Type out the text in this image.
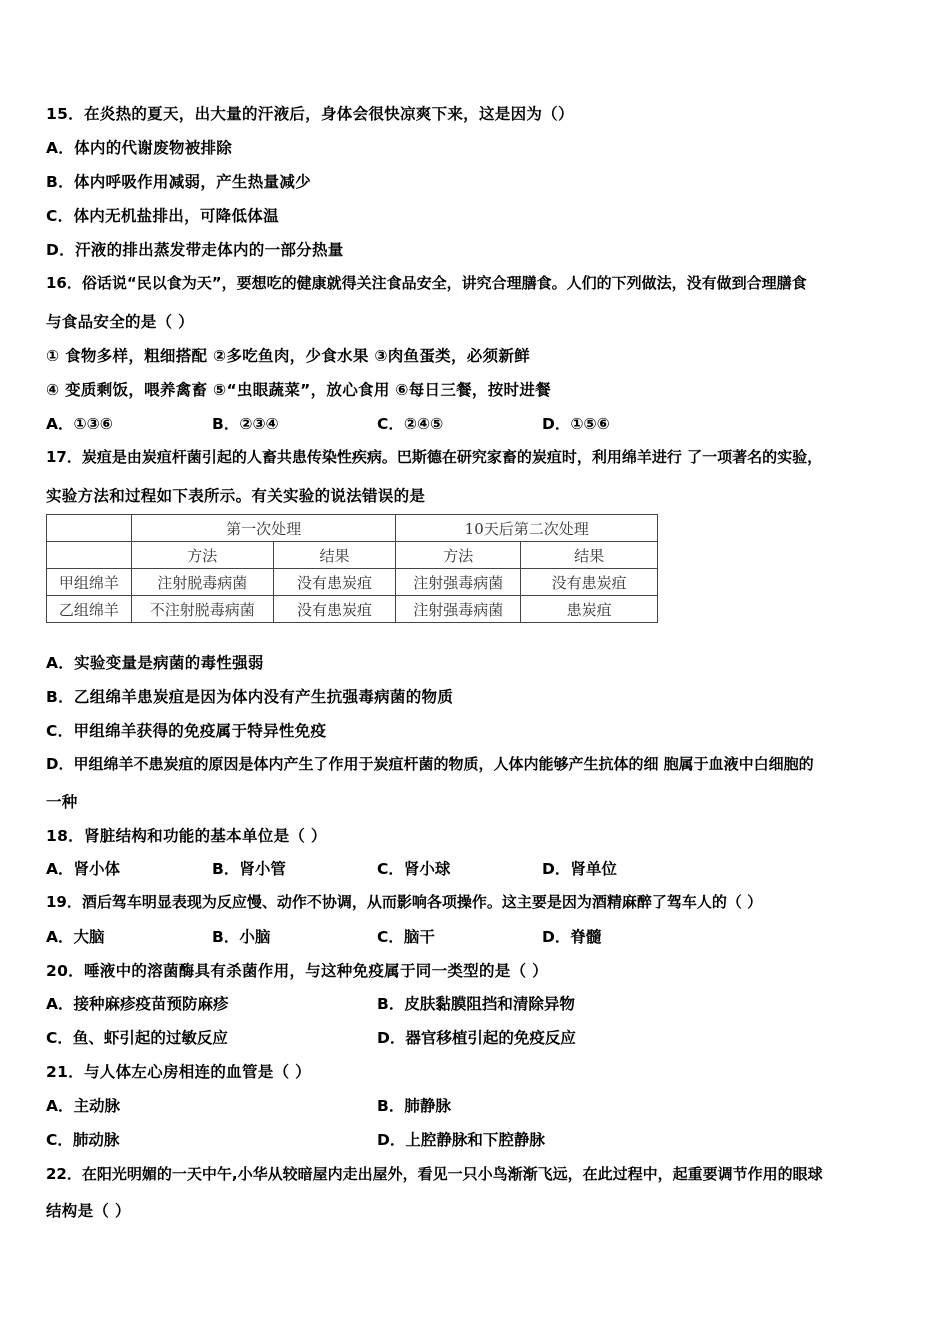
15．在炎热的夏天，出大量的汗液后，身体会很快凉爽下来，这是因为（）
A．体内的代谢废物被排除
B．体内呼吸作用减弱，产生热量减少
C．体内无机盐排出，可降低体温
D．汗液的排出蒸发带走体内的一部分热量
16．俗话说“民以食为天”，要想吃的健康就得关注食品安全，讲究合理膳食。人们的下列做法，没有做到合理膳食
与食品安全的是（ ）
① 食物多样，粗细搭配 ②多吃鱼肉，少食水果 ③肉鱼蛋类，必须新鲜
④ 变质剩饭，喂养禽畜 ⑤“虫眼蔬菜”，放心食用 ⑥每日三餐，按时进餐
A．①③⑥	B．②③④	C．②④⑤	D．①⑤⑥
17．炭疽是由炭疽杆菌引起的人畜共患传染性疾病。巴斯德在研究家畜的炭疽时，利用绵羊进行 了一项著名的实验，
实验方法和过程如下表所示。有关实验的说法错误的是
	第一次处理		10天后第二次处理	
	方法	结果	方法	结果
甲组绵羊	注射脱毒病菌	没有患炭疽	注射强毒病菌	没有患炭疽
乙组绵羊	不注射脱毒病菌	没有患炭疽	注射强毒病菌	患炭疽
A．实验变量是病菌的毒性强弱
B．乙组绵羊患炭疽是因为体内没有产生抗强毒病菌的物质
C．甲组绵羊获得的免疫属于特异性免疫
D．甲组绵羊不患炭疽的原因是体内产生了作用于炭疽杆菌的物质，人体内能够产生抗体的细 胞属于血液中白细胞的
一种
18．肾脏结构和功能的基本单位是（ ）
A．肾小体	B．肾小管	C．肾小球	D．肾单位
19．酒后驾车明显表现为反应慢、动作不协调，从而影响各项操作。这主要是因为酒精麻醉了驾车人的（ ）
A．大脑	B．小脑	C．脑干	D．脊髓
20．唾液中的溶菌酶具有杀菌作用，与这种免疫属于同一类型的是（ ）
A．接种麻疹疫苗预防麻疹	B．皮肤黏膜阻挡和清除异物
C．鱼、虾引起的过敏反应	D．器官移植引起的免疫反应
21．与人体左心房相连的血管是（ ）
A．主动脉	B．肺静脉
C．肺动脉	D．上腔静脉和下腔静脉
22．在阳光明媚的一天中午,小华从较暗屋内走出屋外，看见一只小鸟渐渐飞远，在此过程中，起重要调节作用的眼球
结构是（ ）
